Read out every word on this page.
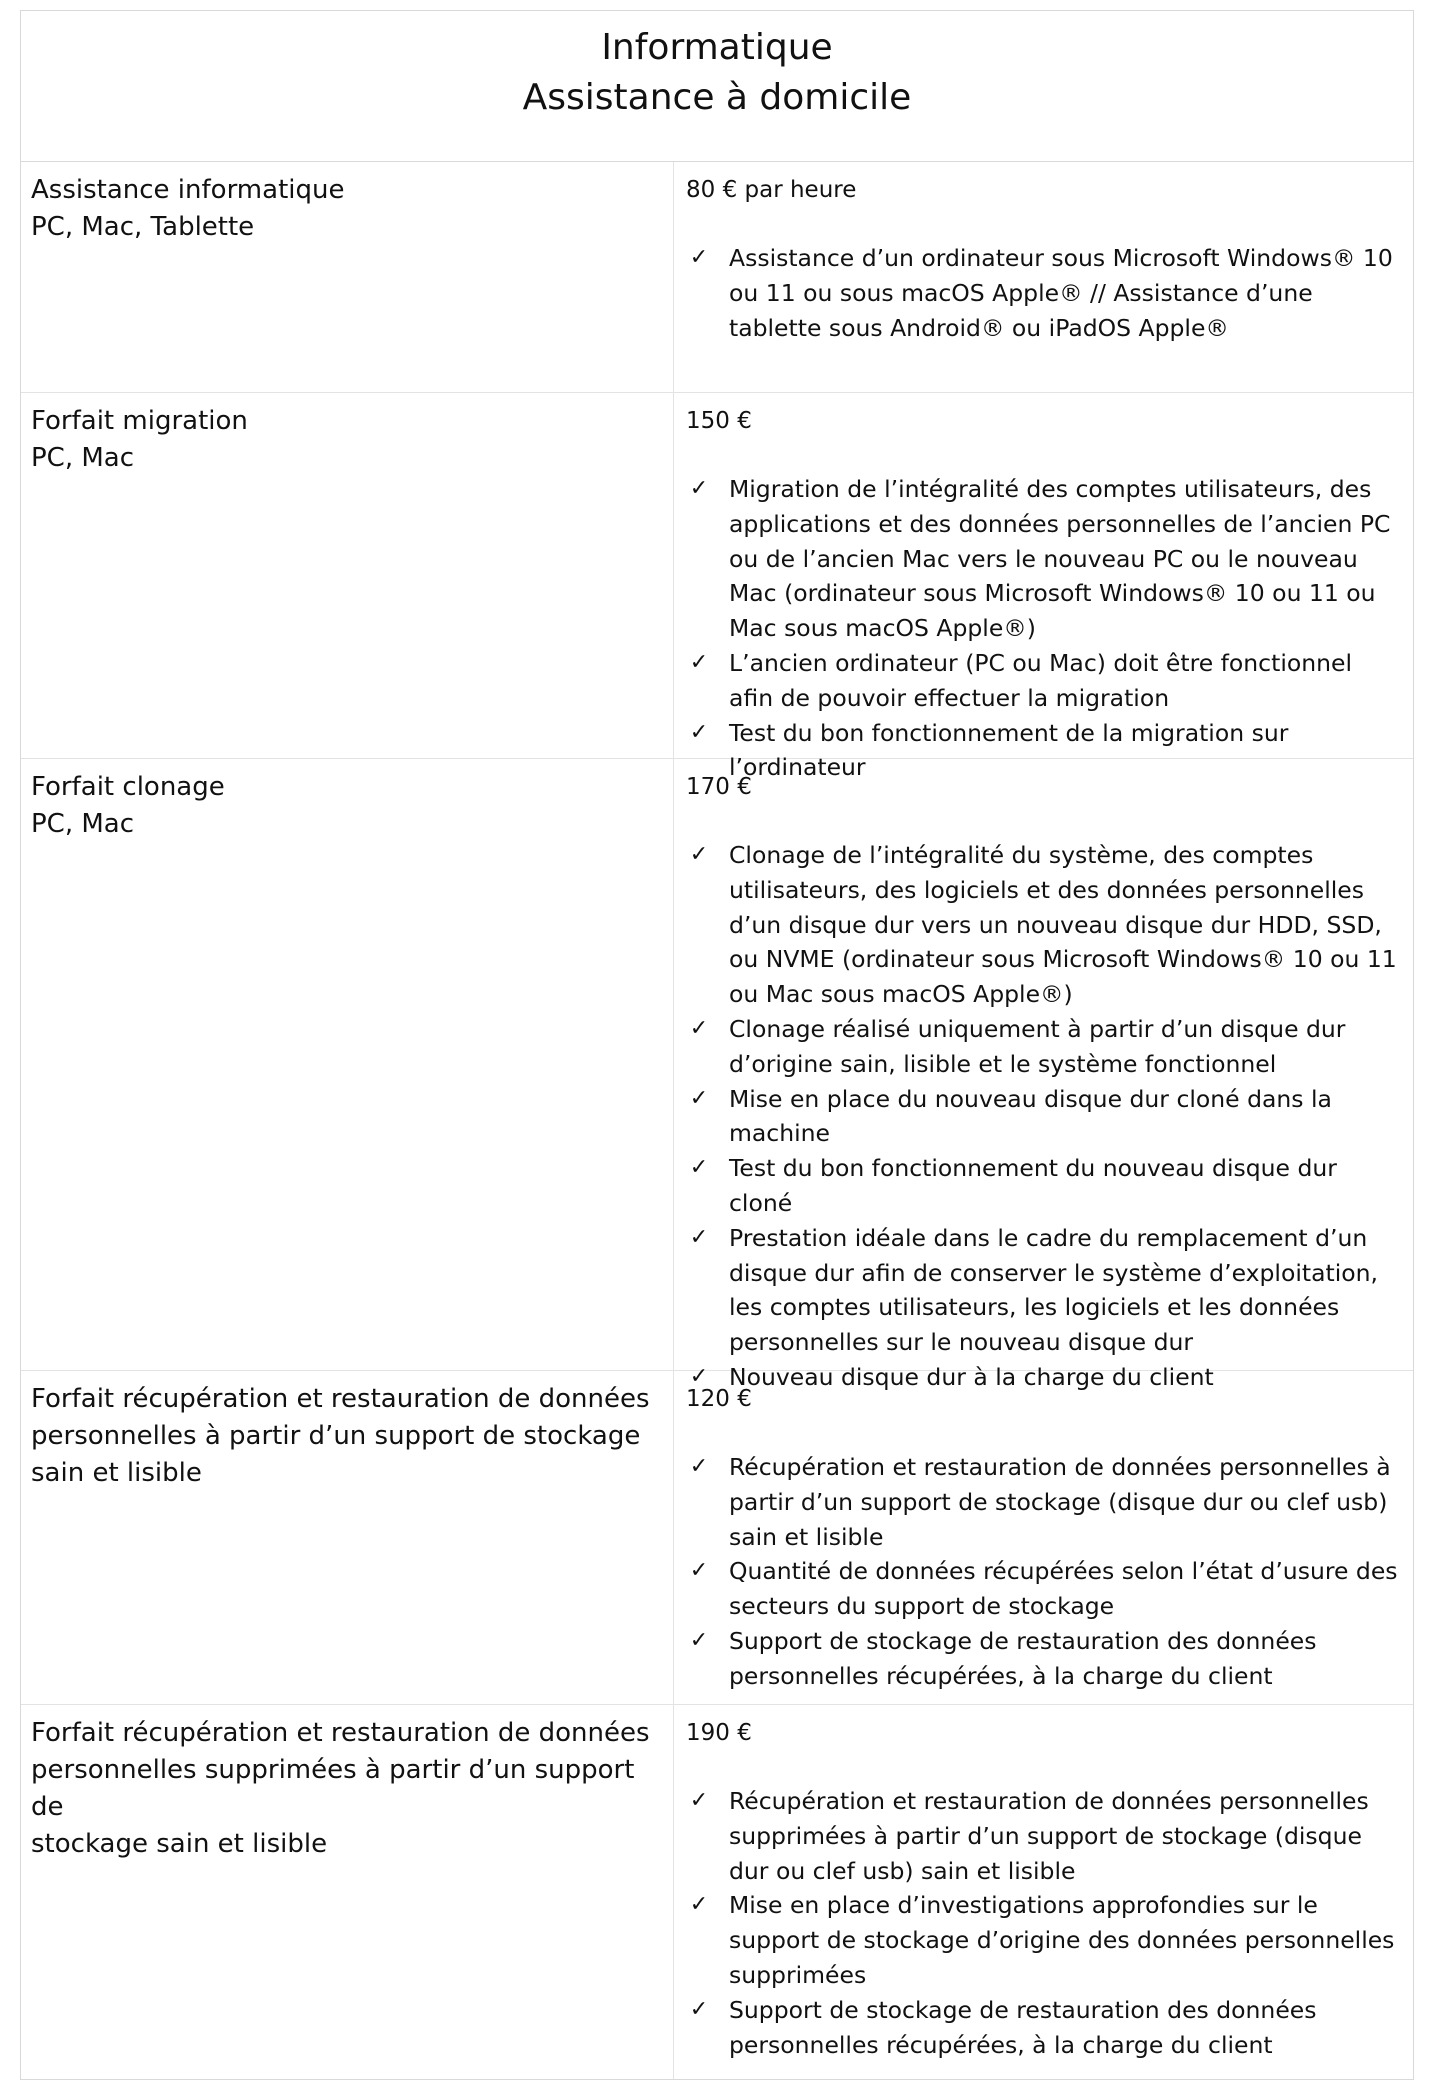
Informatique
Assistance à domicile
Assistance informatique
PC, Mac, Tablette
80 € par heure
✓ Assistance d’un ordinateur sous Microsoft Windows® 10 ou 11 ou sous macOS Apple® // Assistance d’une tablette sous Android® ou iPadOS Apple®
Forfait migration
PC, Mac
150 €
✓ Migration de l’intégralité des comptes utilisateurs, des applications et des données personnelles de l’ancien PC ou de l’ancien Mac vers le nouveau PC ou le nouveau Mac (ordinateur sous Microsoft Windows® 10 ou 11 ou Mac sous macOS Apple®)
✓ L’ancien ordinateur (PC ou Mac) doit être fonctionnel afin de pouvoir effectuer la migration
✓ Test du bon fonctionnement de la migration sur l’ordinateur
Forfait clonage
PC, Mac
170 €
✓ Clonage de l’intégralité du système, des comptes utilisateurs, des logiciels et des données personnelles d’un disque dur vers un nouveau disque dur HDD, SSD, ou NVME (ordinateur sous Microsoft Windows® 10 ou 11 ou Mac sous macOS Apple®)
✓ Clonage réalisé uniquement à partir d’un disque dur d’origine sain, lisible et le système fonctionnel
✓ Mise en place du nouveau disque dur cloné dans la machine
✓ Test du bon fonctionnement du nouveau disque dur cloné
✓ Prestation idéale dans le cadre du remplacement d’un disque dur afin de conserver le système d’exploitation, les comptes utilisateurs, les logiciels et les données personnelles sur le nouveau disque dur
✓ Nouveau disque dur à la charge du client
Forfait récupération et restauration de données
personnelles à partir d’un support de stockage
sain et lisible
120 €
✓ Récupération et restauration de données personnelles à partir d’un support de stockage (disque dur ou clef usb) sain et lisible
✓ Quantité de données récupérées selon l’état d’usure des secteurs du support de stockage
✓ Support de stockage de restauration des données personnelles récupérées, à la charge du client
Forfait récupération et restauration de données
personnelles supprimées à partir d’un support de
stockage sain et lisible
190 €
✓ Récupération et restauration de données personnelles supprimées à partir d’un support de stockage (disque dur ou clef usb) sain et lisible
✓ Mise en place d’investigations approfondies sur le support de stockage d’origine des données personnelles supprimées
✓ Support de stockage de restauration des données personnelles récupérées, à la charge du client
